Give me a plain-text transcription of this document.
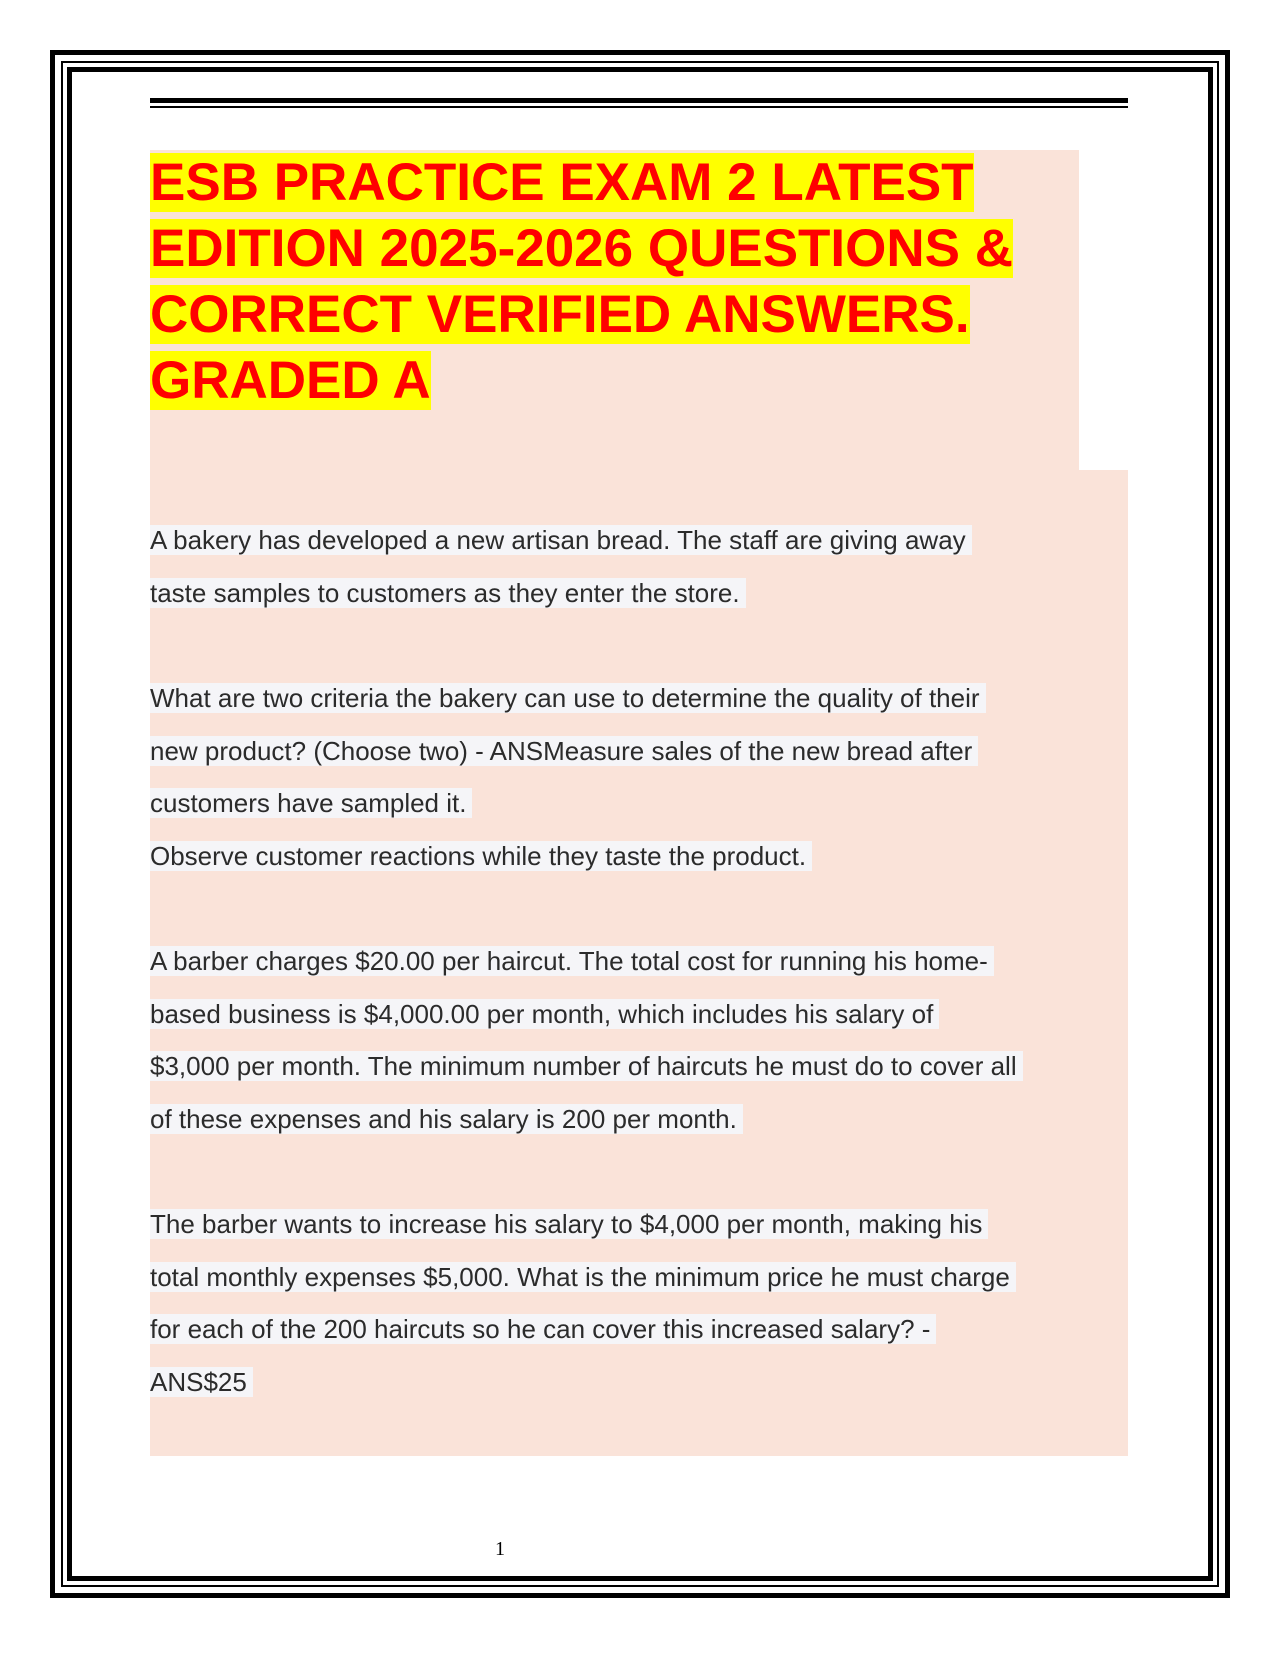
ESB PRACTICE EXAM 2 LATEST
EDITION 2025-2026 QUESTIONS &
CORRECT VERIFIED ANSWERS.
GRADED A
A bakery has developed a new artisan bread. The staff are giving away
taste samples to customers as they enter the store.
What are two criteria the bakery can use to determine the quality of their
new product? (Choose two) - ANSMeasure sales of the new bread after
customers have sampled it.
Observe customer reactions while they taste the product.
A barber charges $20.00 per haircut. The total cost for running his home-
based business is $4,000.00 per month, which includes his salary of
$3,000 per month. The minimum number of haircuts he must do to cover all
of these expenses and his salary is 200 per month.
The barber wants to increase his salary to $4,000 per month, making his
total monthly expenses $5,000. What is the minimum price he must charge
for each of the 200 haircuts so he can cover this increased salary? -
ANS$25
1
